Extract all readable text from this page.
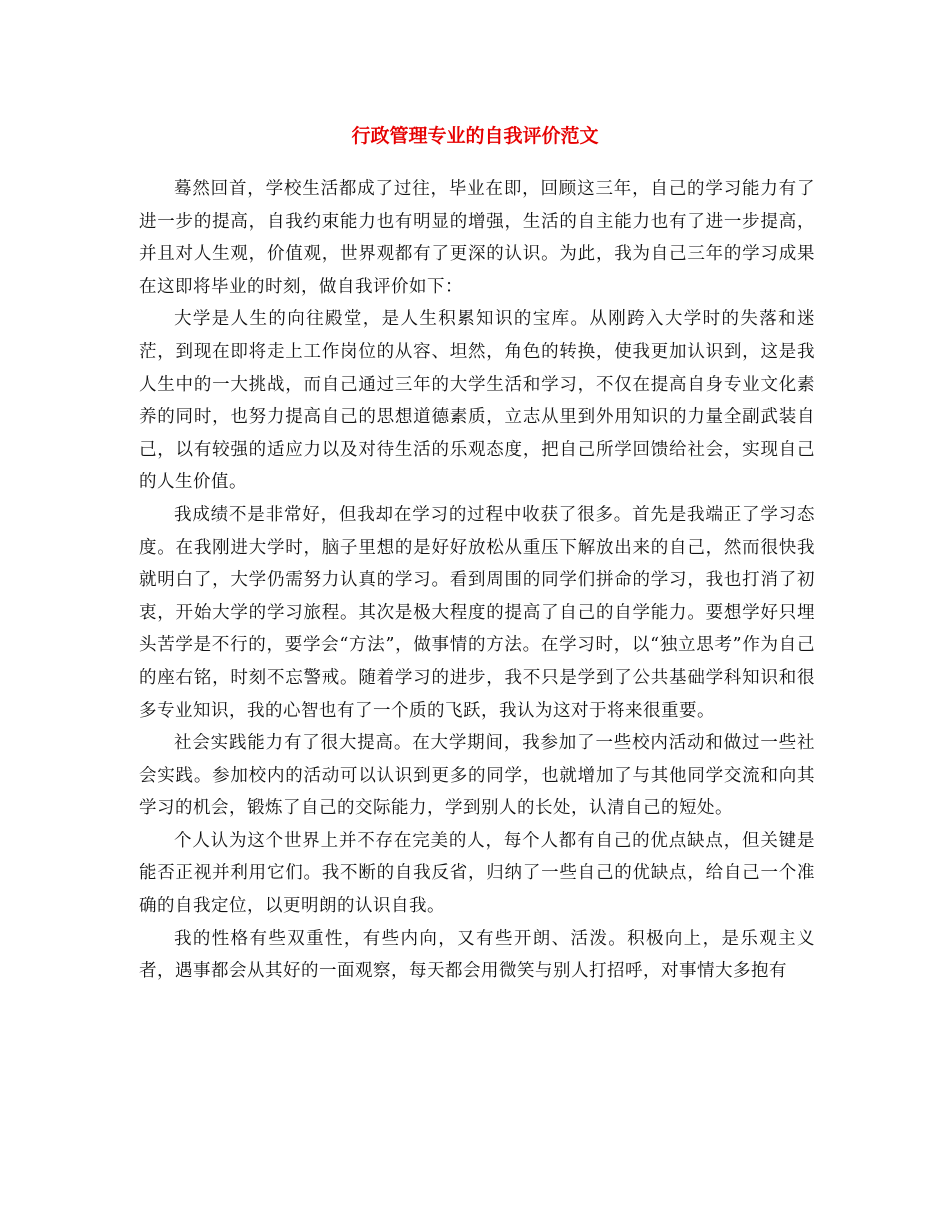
行政管理专业的自我评价范文

蓦然回首，学校生活都成了过往，毕业在即，回顾这三年，自己的学习能力有了进一步的提高，自我约束能力也有明显的增强，生活的自主能力也有了进一步提高，并且对人生观，价值观，世界观都有了更深的认识。为此，我为自己三年的学习成果在这即将毕业的时刻，做自我评价如下：

大学是人生的向往殿堂，是人生积累知识的宝库。从刚跨入大学时的失落和迷茫，到现在即将走上工作岗位的从容、坦然，角色的转换，使我更加认识到，这是我人生中的一大挑战，而自己通过三年的大学生活和学习，不仅在提高自身专业文化素养的同时，也努力提高自己的思想道德素质，立志从里到外用知识的力量全副武装自己，以有较强的适应力以及对待生活的乐观态度，把自己所学回馈给社会，实现自己的人生价值。

我成绩不是非常好，但我却在学习的过程中收获了很多。首先是我端正了学习态度。在我刚进大学时，脑子里想的是好好放松从重压下解放出来的自己，然而很快我就明白了，大学仍需努力认真的学习。看到周围的同学们拼命的学习，我也打消了初衷，开始大学的学习旅程。其次是极大程度的提高了自己的自学能力。要想学好只埋头苦学是不行的，要学会“方法”，做事情的方法。在学习时，以“独立思考”作为自己的座右铭，时刻不忘警戒。随着学习的进步，我不只是学到了公共基础学科知识和很多专业知识，我的心智也有了一个质的飞跃，我认为这对于将来很重要。

社会实践能力有了很大提高。在大学期间，我参加了一些校内活动和做过一些社会实践。参加校内的活动可以认识到更多的同学，也就增加了与其他同学交流和向其学习的机会，锻炼了自己的交际能力，学到别人的长处，认清自己的短处。

个人认为这个世界上并不存在完美的人，每个人都有自己的优点缺点，但关键是能否正视并利用它们。我不断的自我反省，归纳了一些自己的优缺点，给自己一个准确的自我定位，以更明朗的认识自我。

我的性格有些双重性，有些内向，又有些开朗、活泼。积极向上，是乐观主义者，遇事都会从其好的一面观察，每天都会用微笑与别人打招呼，对事情大多抱有
